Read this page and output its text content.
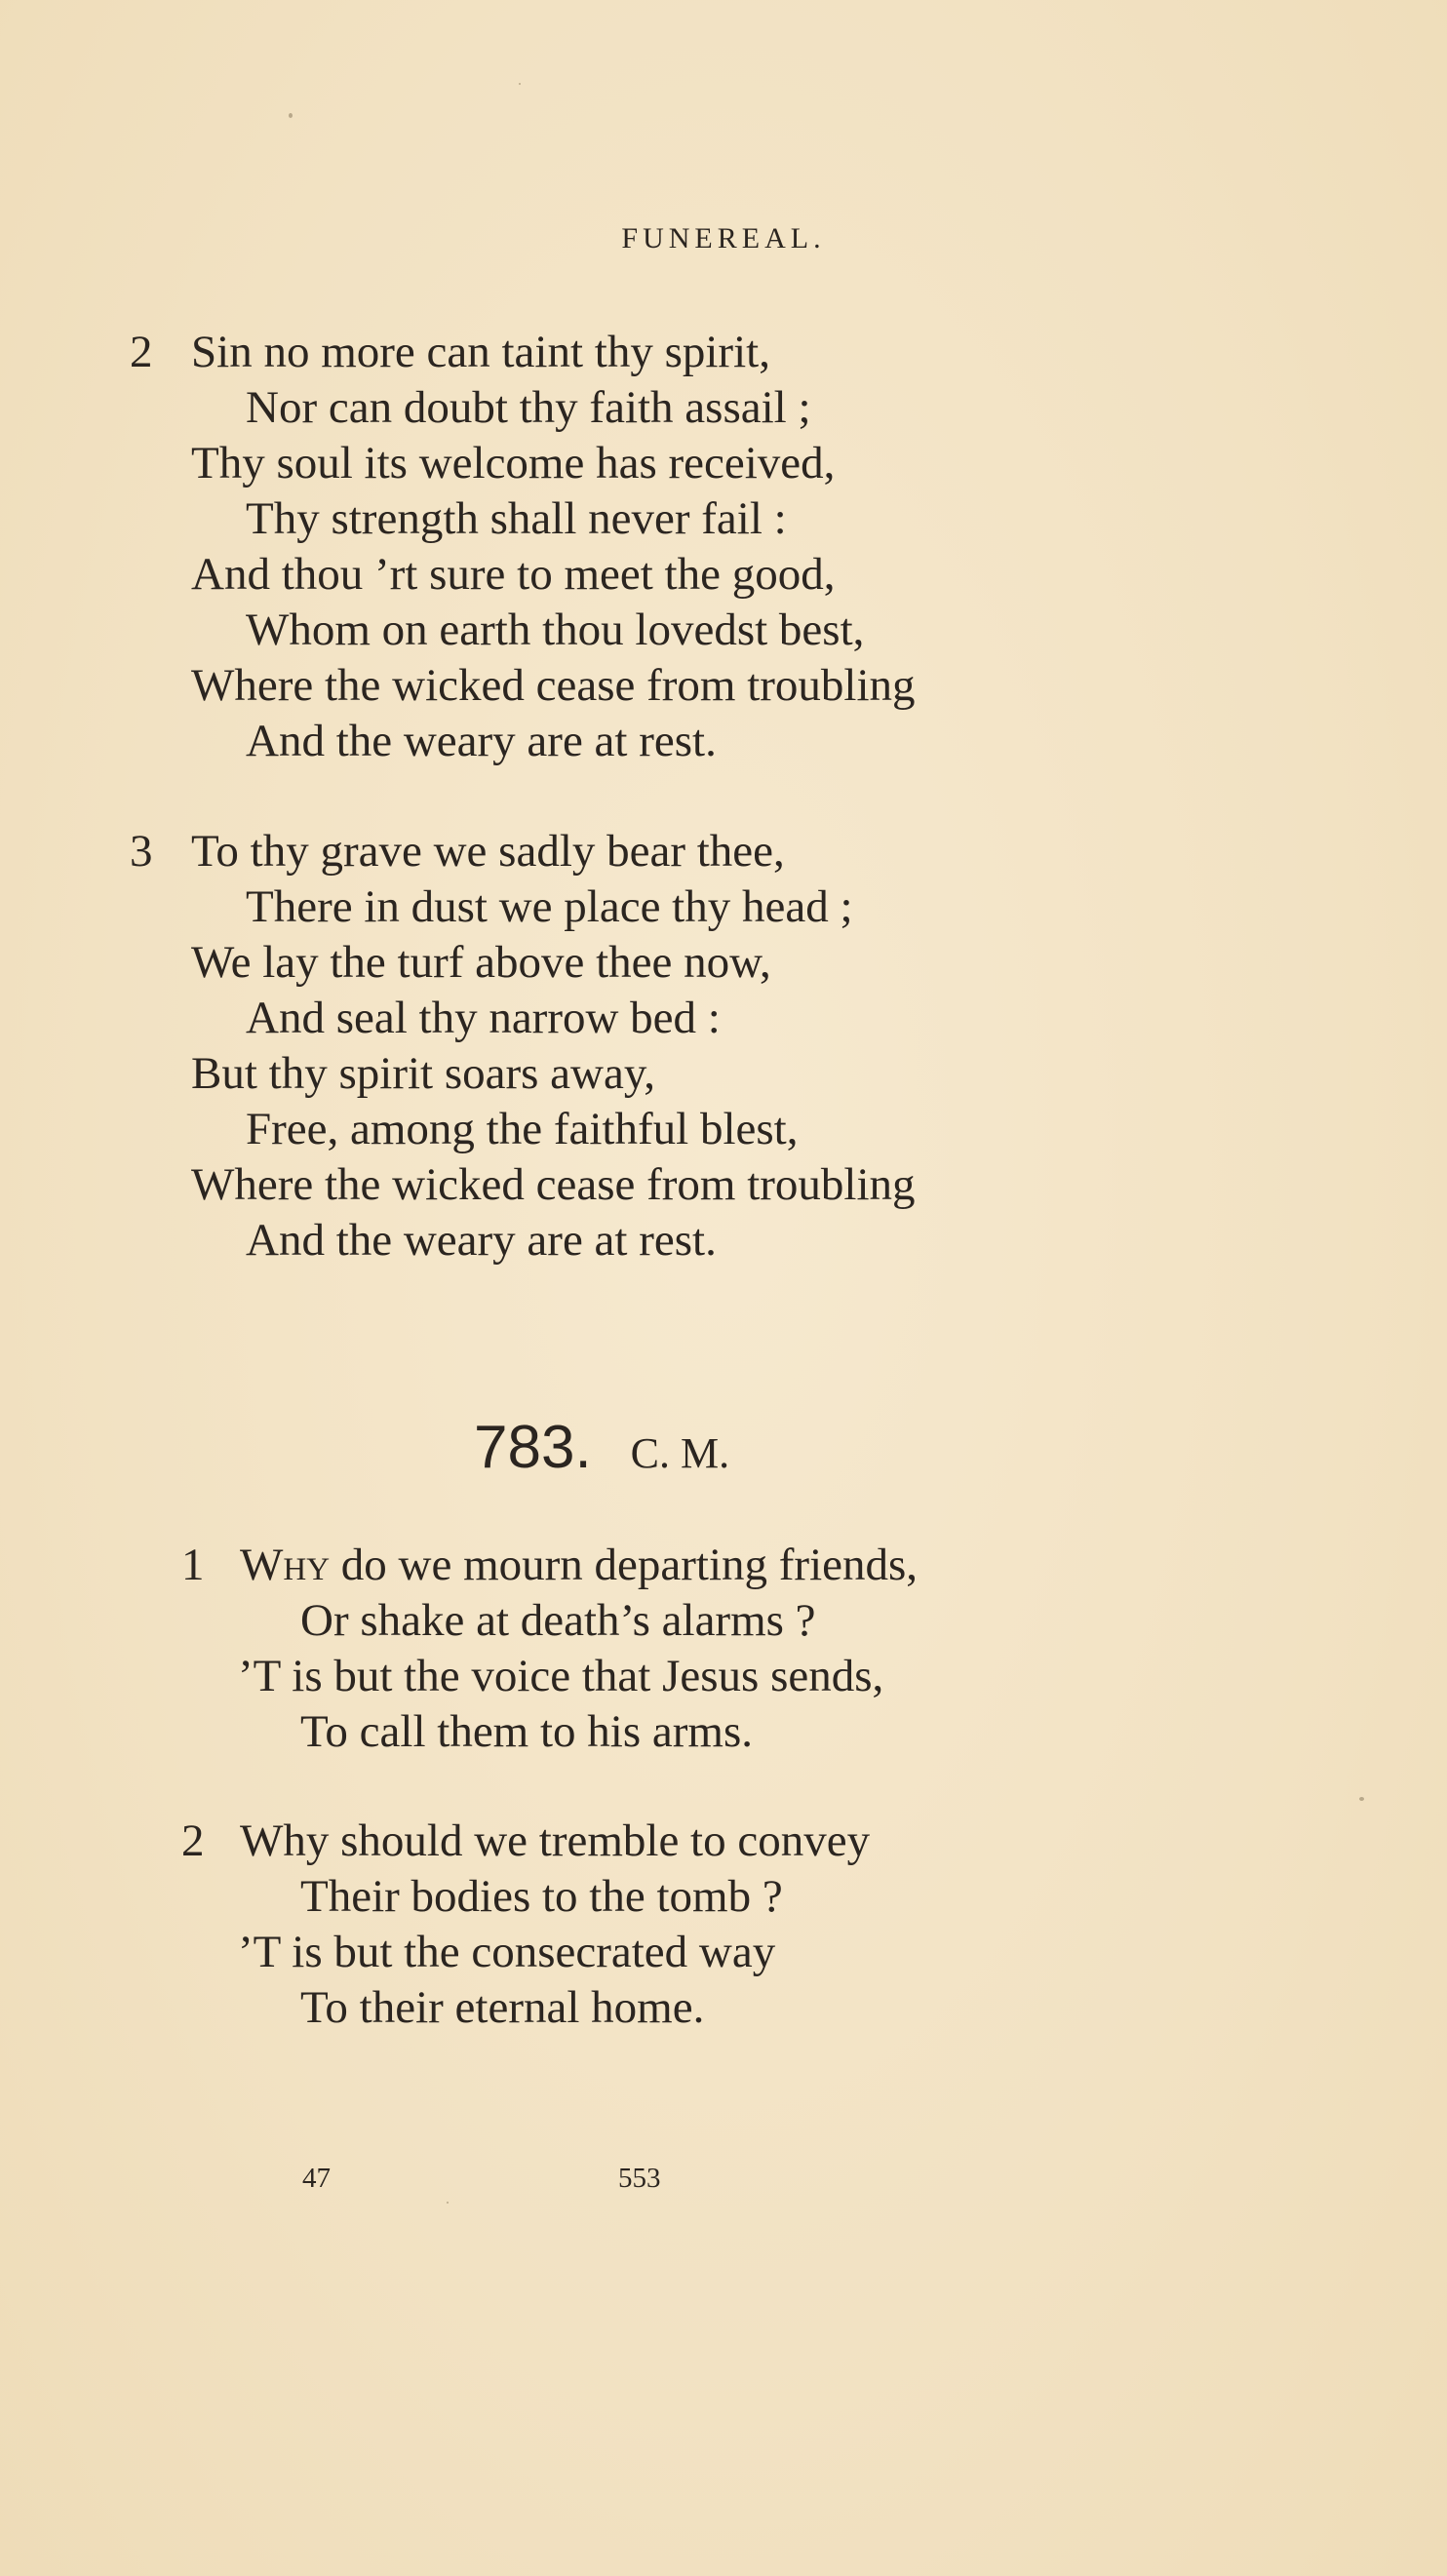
FUNEREAL.
2 Sin no more can taint thy spirit,
Nor can doubt thy faith assail ;
Thy soul its welcome has received,
Thy strength shall never fail :
And thou ’rt sure to meet the good,
Whom on earth thou lovedst best,
Where the wicked cease from troubling
And the weary are at rest.
3 To thy grave we sadly bear thee,
There in dust we place thy head ;
We lay the turf above thee now,
And seal thy narrow bed :
But thy spirit soars away,
Free, among the faithful blest,
Where the wicked cease from troubling
And the weary are at rest.
783. C. M.
1 Why do we mourn departing friends,
Or shake at death’s alarms ?
’T is but the voice that Jesus sends,
To call them to his arms.
2 Why should we tremble to convey
Their bodies to the tomb ?
’T is but the consecrated way
To their eternal home.
47	553
